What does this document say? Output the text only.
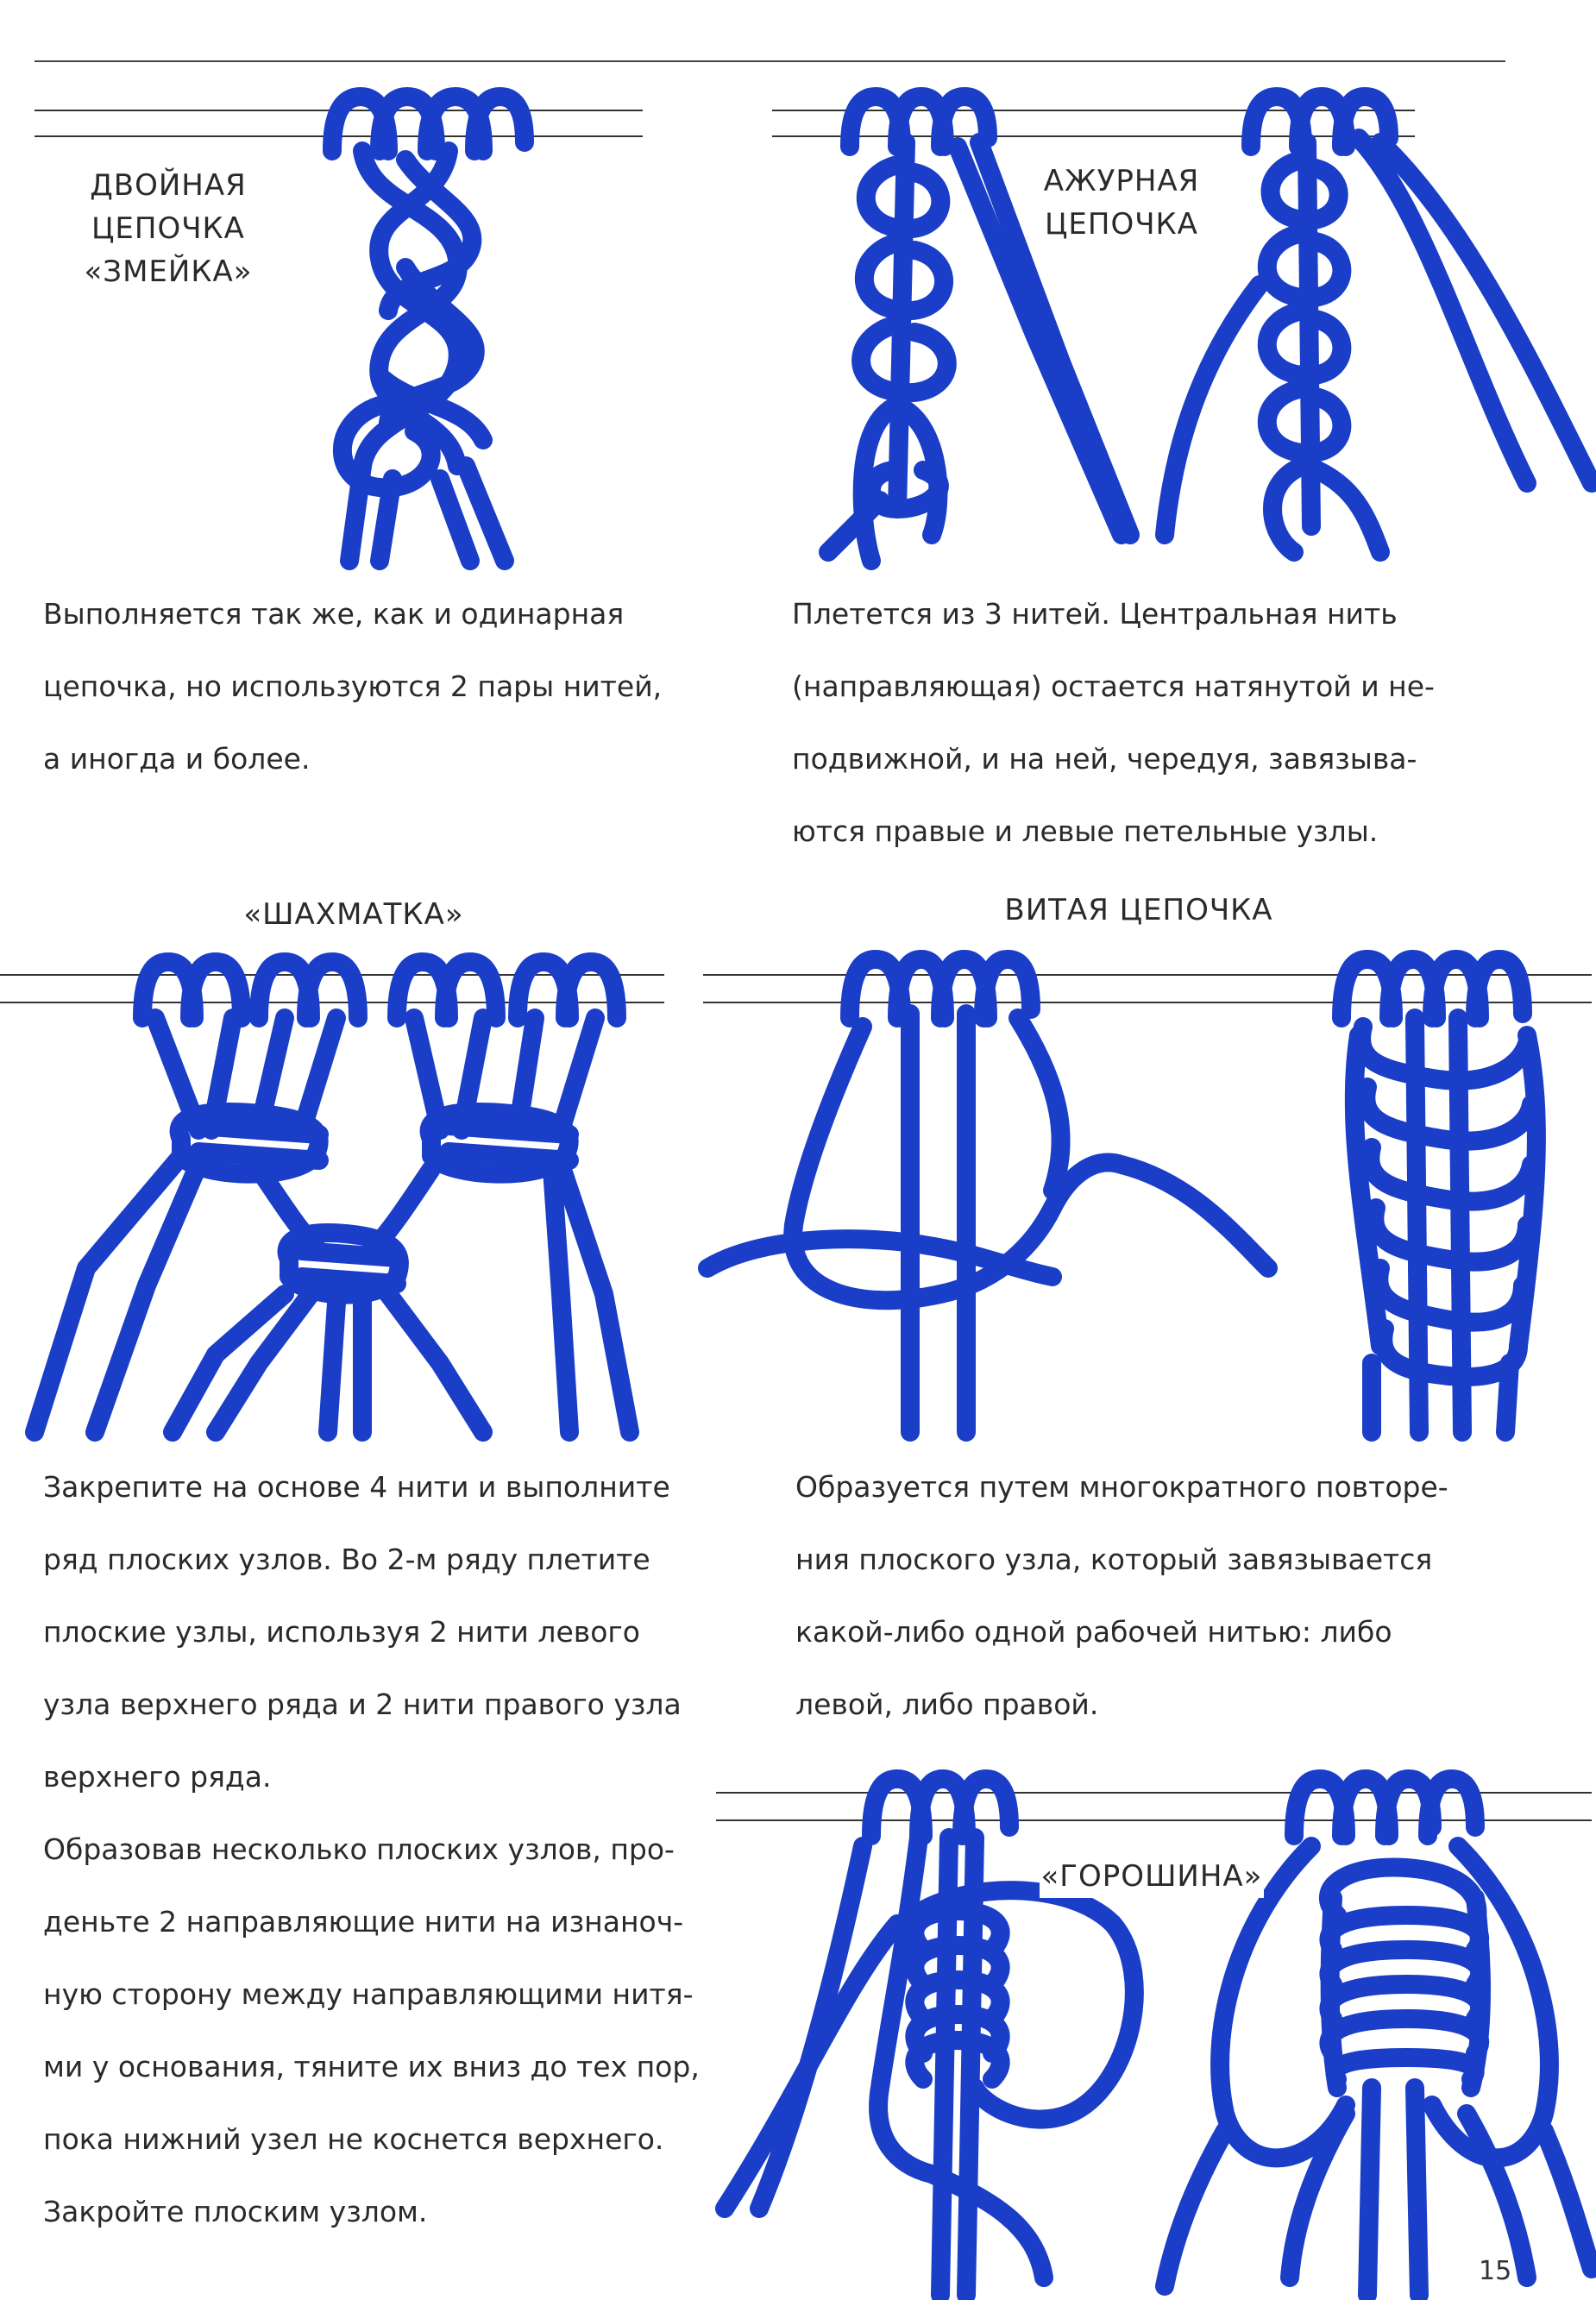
ДВОЙНАЯ
ЦЕПОЧКА
«ЗМЕЙКА»
АЖУРНАЯ
ЦЕПОЧКА
«ШАХМАТКА»	ВИТАЯ ЦЕПОЧКА
«ГОРОШИНА»
Выполняется так же, как и одинарная
цепочка, но используются 2 пары нитей,
а иногда и более.
Плетется из 3 нитей. Центральная нить
(направляющая) остается натянутой и не-
подвижной, и на ней, чередуя, завязыва-
ются правые и левые петельные узлы.
Закрепите на основе 4 нити и выполните
ряд плоских узлов. Во 2-м ряду плетите
плоские узлы, используя 2 нити левого
узла верхнего ряда и 2 нити правого узла
верхнего ряда.
Образовав несколько плоских узлов, про-
деньте 2 направляющие нити на изнаноч-
ную сторону между направляющими нитя-
ми у основания, тяните их вниз до тех пор,
пока нижний узел не коснется верхнего.
Закройте плоским узлом.
Образуется путем многократного повторе-
ния плоского узла, который завязывается
какой-либо одной рабочей нитью: либо
левой, либо правой.
15
